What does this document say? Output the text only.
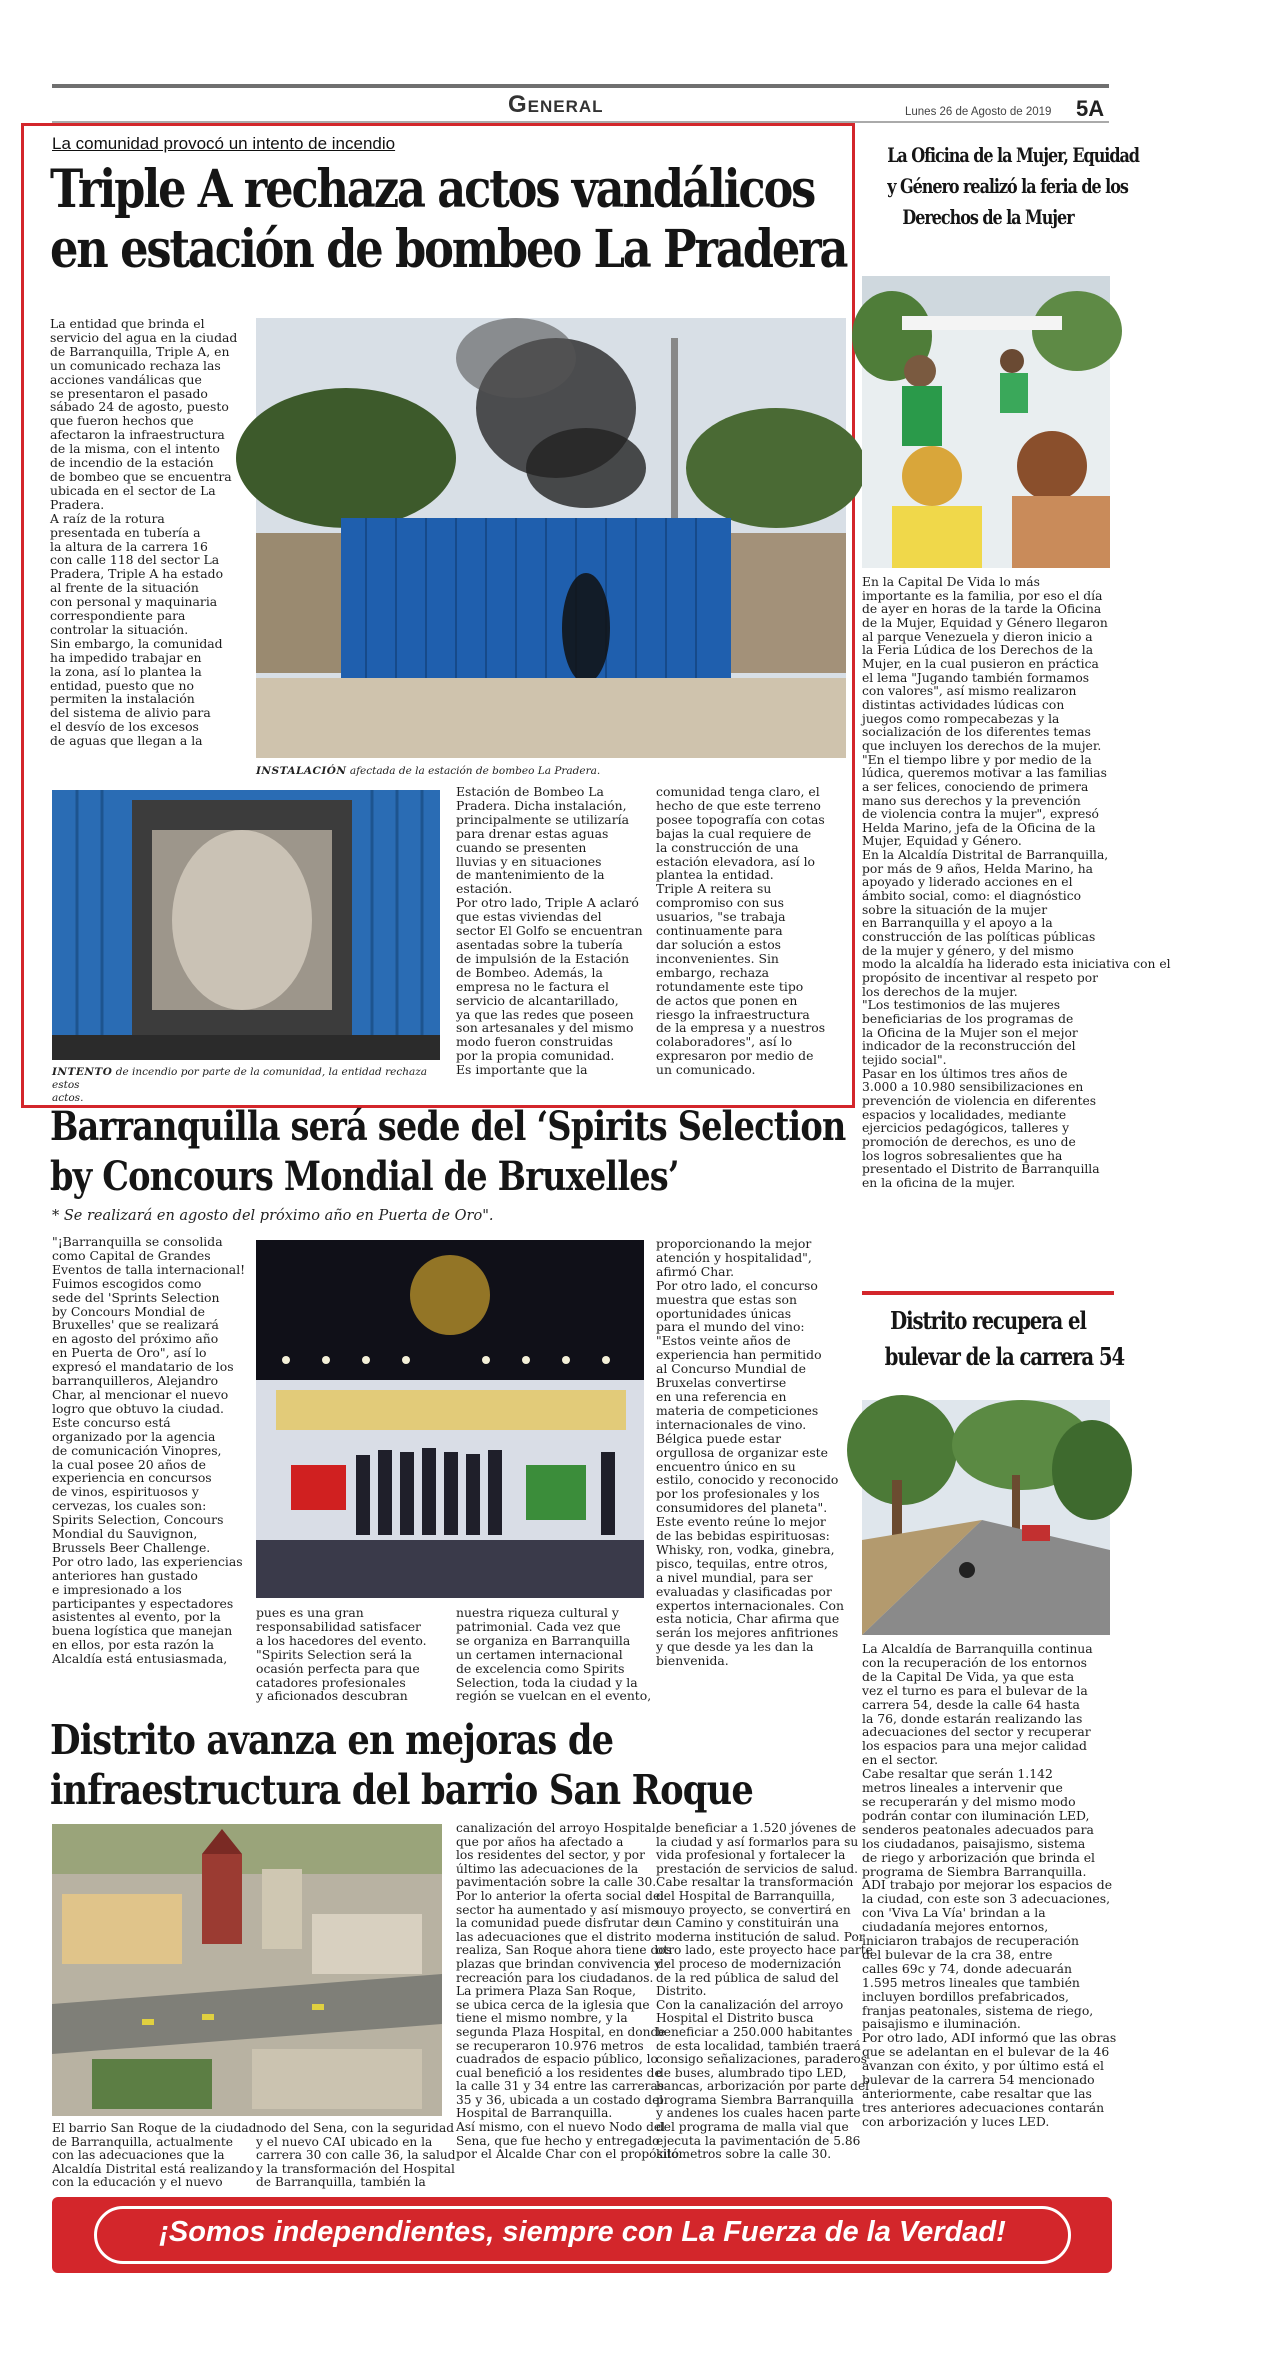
General	Lunes 26 de Agosto de 2019 5A
La comunidad provocó un intento de incendio
Triple A rechaza actos vandálicos
en estación de bombeo La Pradera
La entidad que brinda el
servicio del agua en la ciudad
de Barranquilla, Triple A, en
un comunicado rechaza las
acciones vandálicas que
se presentaron el pasado
sábado 24 de agosto, puesto
que fueron hechos que
afectaron la infraestructura
de la misma, con el intento
de incendio de la estación
de bombeo que se encuentra
ubicada en el sector de La
Pradera.
A raíz de la rotura
presentada en tubería a
la altura de la carrera 16
con calle 118 del sector La
Pradera, Triple A ha estado
al frente de la situación
con personal y maquinaria
correspondiente para
controlar la situación.
Sin embargo, la comunidad
ha impedido trabajar en
la zona, así lo plantea la
entidad, puesto que no
permiten la instalación
del sistema de alivio para
el desvío de los excesos
de aguas que llegan a la
INSTALACIÓN afectada de la estación de bombeo La Pradera.
INTENTO de incendio por parte de la comunidad, la entidad rechaza estos
actos.
Estación de Bombeo La
Pradera. Dicha instalación,
principalmente se utilizaría
para drenar estas aguas
cuando se presenten
lluvias y en situaciones
de mantenimiento de la
estación.
Por otro lado, Triple A aclaró
que estas viviendas del
sector El Golfo se encuentran
asentadas sobre la tubería
de impulsión de la Estación
de Bombeo. Además, la
empresa no le factura el
servicio de alcantarillado,
ya que las redes que poseen
son artesanales y del mismo
modo fueron construidas
por la propia comunidad.
Es importante que la
comunidad tenga claro, el
hecho de que este terreno
posee topografía con cotas
bajas la cual requiere de
la construcción de una
estación elevadora, así lo
plantea la entidad.
Triple A reitera su
compromiso con sus
usuarios, "se trabaja
continuamente para
dar solución a estos
inconvenientes. Sin
embargo, rechaza
rotundamente este tipo
de actos que ponen en
riesgo la infraestructura
de la empresa y a nuestros
colaboradores", así lo
expresaron por medio de
un comunicado.
La Oficina de la Mujer, Equidad
y Género realizó la feria de los
Derechos de la Mujer
En la Capital De Vida lo más
importante es la familia, por eso el día
de ayer en horas de la tarde la Oficina
de la Mujer, Equidad y Género llegaron
al parque Venezuela y dieron inicio a
la Feria Lúdica de los Derechos de la
Mujer, en la cual pusieron en práctica
el lema "Jugando también formamos
con valores", así mismo realizaron
distintas actividades lúdicas con
juegos como rompecabezas y la
socialización de los diferentes temas
que incluyen los derechos de la mujer.
"En el tiempo libre y por medio de la
lúdica, queremos motivar a las familias
a ser felices, conociendo de primera
mano sus derechos y la prevención
de violencia contra la mujer", expresó
Helda Marino, jefa de la Oficina de la
Mujer, Equidad y Género.
En la Alcaldía Distrital de Barranquilla,
por más de 9 años, Helda Marino, ha
apoyado y liderado acciones en el
ámbito social, como: el diagnóstico
sobre la situación de la mujer
en Barranquilla y el apoyo a la
construcción de las políticas públicas
de la mujer y género, y del mismo
modo la alcaldía ha liderado esta iniciativa con el
propósito de incentivar al respeto por
los derechos de la mujer.
"Los testimonios de las mujeres
beneficiarias de los programas de
la Oficina de la Mujer son el mejor
indicador de la reconstrucción del
tejido social".
Pasar en los últimos tres años de
3.000 a 10.980 sensibilizaciones en
prevención de violencia en diferentes
espacios y localidades, mediante
ejercicios pedagógicos, talleres y
promoción de derechos, es uno de
los logros sobresalientes que ha
presentado el Distrito de Barranquilla
en la oficina de la mujer.
Barranquilla será sede del ‘Spirits Selection
by Concours Mondial de Bruxelles’
* Se realizará en agosto del próximo año en Puerta de Oro".
"¡Barranquilla se consolida
como Capital de Grandes
Eventos de talla internacional!
Fuimos escogidos como
sede del 'Sprints Selection
by Concours Mondial de
Bruxelles' que se realizará
en agosto del próximo año
en Puerta de Oro", así lo
expresó el mandatario de los
barranquilleros, Alejandro
Char, al mencionar el nuevo
logro que obtuvo la ciudad.
Este concurso está
organizado por la agencia
de comunicación Vinopres,
la cual posee 20 años de
experiencia en concursos
de vinos, espirituosos y
cervezas, los cuales son:
Spirits Selection, Concours
Mondial du Sauvignon,
Brussels Beer Challenge.
Por otro lado, las experiencias
anteriores han gustado
e impresionado a los
participantes y espectadores
asistentes al evento, por la
buena logística que manejan
en ellos, por esta razón la
Alcaldía está entusiasmada,
pues es una gran
responsabilidad satisfacer
a los hacedores del evento.
"Spirits Selection será la
ocasión perfecta para que
catadores profesionales
y aficionados descubran
nuestra riqueza cultural y
patrimonial. Cada vez que
se organiza en Barranquilla
un certamen internacional
de excelencia como Spirits
Selection, toda la ciudad y la
región se vuelcan en el evento,
proporcionando la mejor
atención y hospitalidad",
afirmó Char.
Por otro lado, el concurso
muestra que estas son
oportunidades únicas
para el mundo del vino:
"Estos veinte años de
experiencia han permitido
al Concurso Mundial de
Bruxelas convertirse
en una referencia en
materia de competiciones
internacionales de vino.
Bélgica puede estar
orgullosa de organizar este
encuentro único en su
estilo, conocido y reconocido
por los profesionales y los
consumidores del planeta".
Este evento reúne lo mejor
de las bebidas espirituosas:
Whisky, ron, vodka, ginebra,
pisco, tequilas, entre otros,
a nivel mundial, para ser
evaluadas y clasificadas por
expertos internacionales. Con
esta noticia, Char afirma que
serán los mejores anfitriones
y que desde ya les dan la
bienvenida.
Distrito recupera el
bulevar de la carrera 54
La Alcaldía de Barranquilla continua
con la recuperación de los entornos
de la Capital De Vida, ya que esta
vez el turno es para el bulevar de la
carrera 54, desde la calle 64 hasta
la 76, donde estarán realizando las
adecuaciones del sector y recuperar
los espacios para una mejor calidad
en el sector.
Cabe resaltar que serán 1.142
metros lineales a intervenir que
se recuperarán y del mismo modo
podrán contar con iluminación LED,
senderos peatonales adecuados para
los ciudadanos, paisajismo, sistema
de riego y arborización que brinda el
programa de Siembra Barranquilla.
ADI trabajo por mejorar los espacios de
la ciudad, con este son 3 adecuaciones,
con 'Viva La Vía' brindan a la
ciudadanía mejores entornos,
iniciaron trabajos de recuperación
del bulevar de la cra 38, entre
calles 69c y 74, donde adecuarán
1.595 metros lineales que también
incluyen bordillos prefabricados,
franjas peatonales, sistema de riego,
paisajismo e iluminación.
Por otro lado, ADI informó que las obras
que se adelantan en el bulevar de la 46
avanzan con éxito, y por último está el
bulevar de la carrera 54 mencionado
anteriormente, cabe resaltar que las
tres anteriores adecuaciones contarán
con arborización y luces LED.
Distrito avanza en mejoras de
infraestructura del barrio San Roque
El barrio San Roque de la ciudad
de Barranquilla, actualmente
con las adecuaciones que la
Alcaldía Distrital está realizando
con la educación y el nuevo
nodo del Sena, con la seguridad
y el nuevo CAI ubicado en la
carrera 30 con calle 36, la salud
y la transformación del Hospital
de Barranquilla, también la
canalización del arroyo Hospital,
que por años ha afectado a
los residentes del sector, y por
último las adecuaciones de la
pavimentación sobre la calle 30.
Por lo anterior la oferta social del
sector ha aumentado y así mismo
la comunidad puede disfrutar de
las adecuaciones que el distrito
realiza, San Roque ahora tiene dos
plazas que brindan convivencia y
recreación para los ciudadanos.
La primera Plaza San Roque,
se ubica cerca de la iglesia que
tiene el mismo nombre, y la
segunda Plaza Hospital, en donde
se recuperaron 10.976 metros
cuadrados de espacio público, lo
cual benefició a los residentes de
la calle 31 y 34 entre las carreras
35 y 36, ubicada a un costado del
Hospital de Barranquilla.
Así mismo, con el nuevo Nodo del
Sena, que fue hecho y entregado
por el Alcalde Char con el propósito
de beneficiar a 1.520 jóvenes de
la ciudad y así formarlos para su
vida profesional y fortalecer la
prestación de servicios de salud.
Cabe resaltar la transformación
del Hospital de Barranquilla,
cuyo proyecto, se convertirá en
un Camino y constituirán una
moderna institución de salud. Por
otro lado, este proyecto hace parte
del proceso de modernización
de la red pública de salud del
Distrito.
Con la canalización del arroyo
Hospital el Distrito busca
beneficiar a 250.000 habitantes
de esta localidad, también traerá
consigo señalizaciones, paraderos
de buses, alumbrado tipo LED,
bancas, arborización por parte del
programa Siembra Barranquilla
y andenes los cuales hacen parte
del programa de malla vial que
ejecuta la pavimentación de 5.86
kilómetros sobre la calle 30.
¡Somos independientes, siempre con La Fuerza de la Verdad!
